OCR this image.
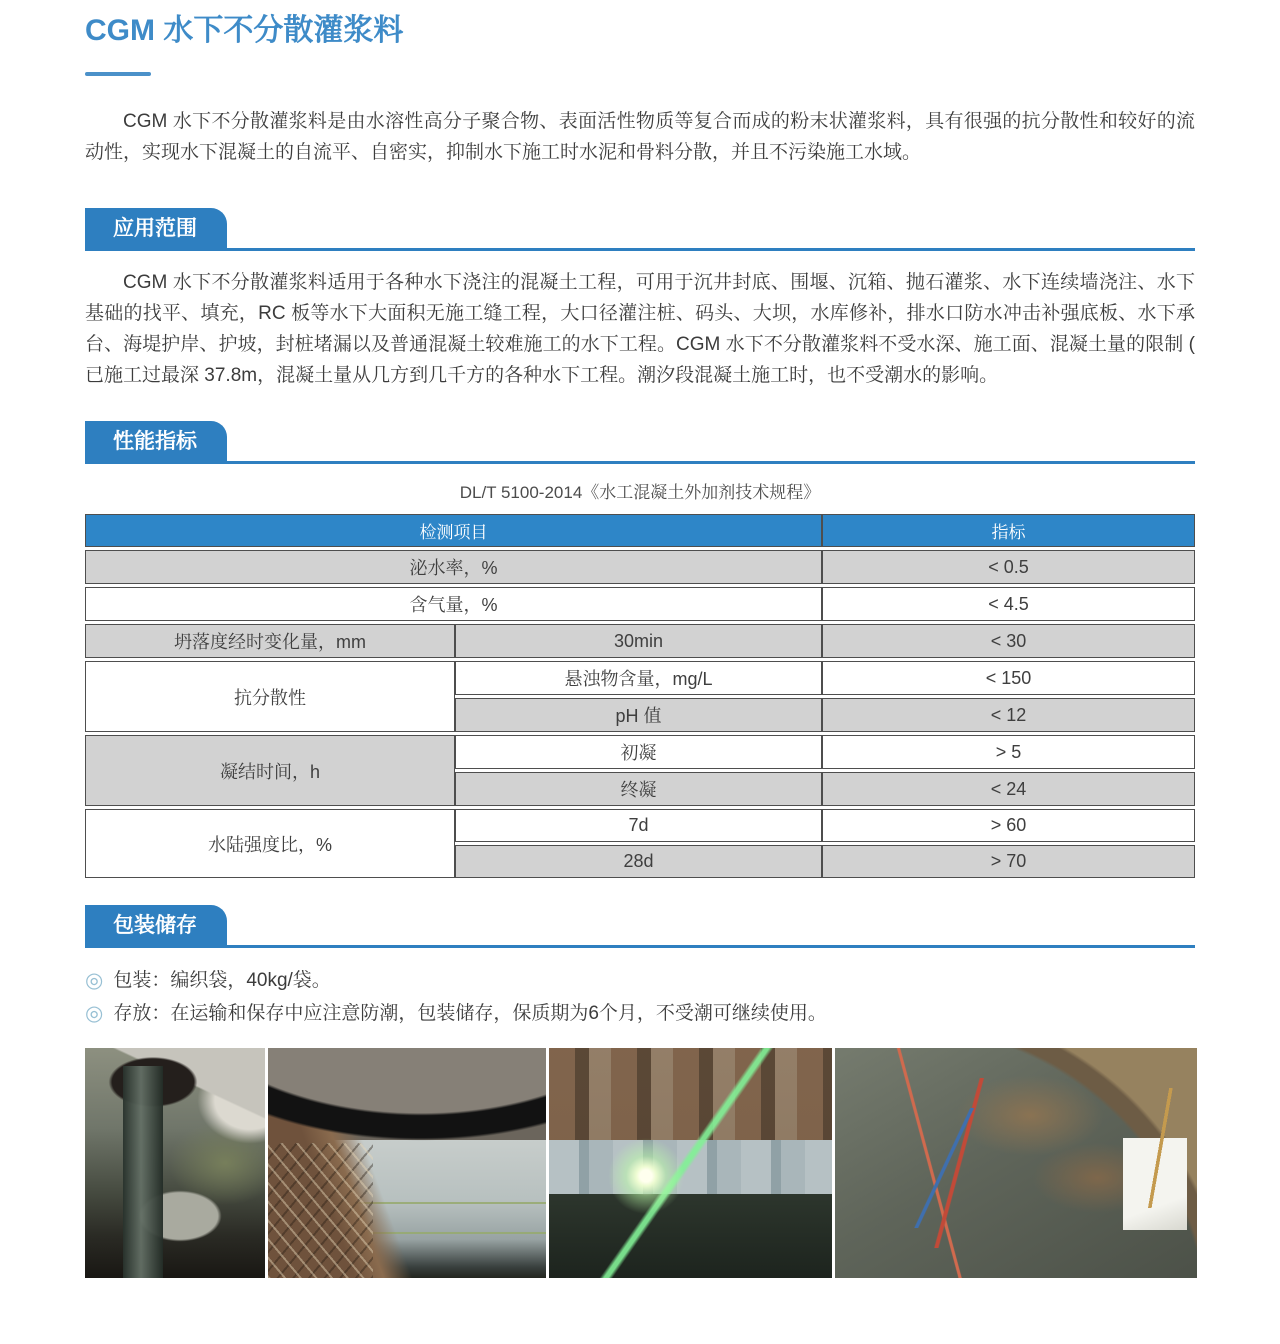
CGM 水下不分散灌浆料

CGM 水下不分散灌浆料是由水溶性高分子聚合物、表面活性物质等复合而成的粉末状灌浆料，具有很强的抗分散性和较好的流动性，实现水下混凝土的自流平、自密实，抑制水下施工时水泥和骨料分散，并且不污染施工水域。

应用范围

CGM 水下不分散灌浆料适用于各种水下浇注的混凝土工程，可用于沉井封底、围堰、沉箱、抛石灌浆、水下连续墙浇注、水下基础的找平、填充，RC 板等水下大面积无施工缝工程，大口径灌注桩、码头、大坝，水库修补，排水口防水冲击补强底板、水下承台、海堤护岸、护坡，封桩堵漏以及普通混凝土较难施工的水下工程。CGM 水下不分散灌浆料不受水深、施工面、混凝土量的限制 ( 已施工过最深 37.8m，混凝土量从几方到几千方的各种水下工程。潮汐段混凝土施工时，也不受潮水的影响。

性能指标
DL/T 5100-2014《水工混凝土外加剂技术规程》
检测项目		指标
泌水率，%		< 0.5
含气量，%		< 4.5
坍落度经时变化量，mm	30min	< 30
抗分散性	悬浊物含量，mg/L	< 150
	pH 值	< 12
凝结时间，h	初凝	> 5
	终凝	< 24
水陆强度比，%	7d	> 60
	28d	> 70
包装储存
◎ 包装：编织袋，40kg/袋。
◎ 存放：在运输和保存中应注意防潮，包装储存，保质期为6个月，不受潮可继续使用。
